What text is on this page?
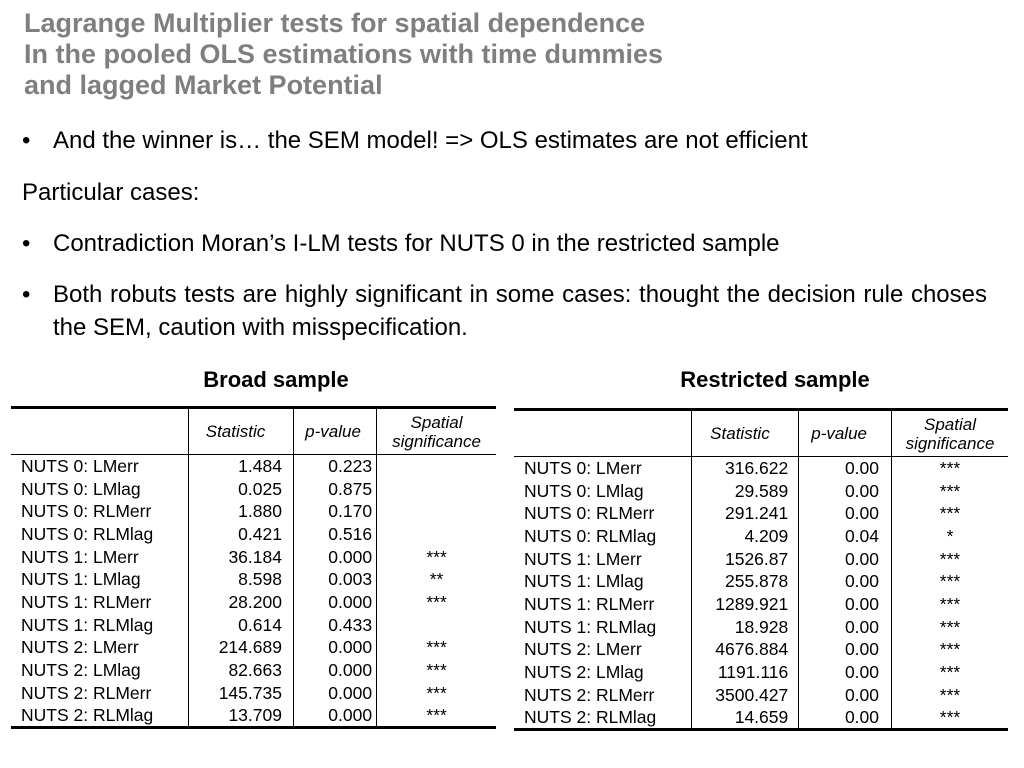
Lagrange Multiplier tests for spatial dependence
In the pooled OLS estimations with time dummies
and lagged Market Potential
• And the winner is… the SEM model! => OLS estimates are not efficient
Particular cases:
• Contradiction Moran’s I-LM tests for NUTS 0 in the restricted sample
• Both robuts tests are highly significant in some cases: thought the decision rule choses the SEM, caution with misspecification.
Broad sample	Restricted sample
	Statistic	p-value	Spatial significance
NUTS 0: LMerr	1.484	0.223	
NUTS 0: LMlag	0.025	0.875	
NUTS 0: RLMerr	1.880	0.170	
NUTS 0: RLMlag	0.421	0.516	
NUTS 1: LMerr	36.184	0.000	***
NUTS 1: LMlag	8.598	0.003	**
NUTS 1: RLMerr	28.200	0.000	***
NUTS 1: RLMlag	0.614	0.433	
NUTS 2: LMerr	214.689	0.000	***
NUTS 2: LMlag	82.663	0.000	***
NUTS 2: RLMerr	145.735	0.000	***
NUTS 2: RLMlag	13.709	0.000	***
	Statistic	p-value	Spatial significance
NUTS 0: LMerr	316.622	0.00	***
NUTS 0: LMlag	29.589	0.00	***
NUTS 0: RLMerr	291.241	0.00	***
NUTS 0: RLMlag	4.209	0.04	*
NUTS 1: LMerr	1526.87	0.00	***
NUTS 1: LMlag	255.878	0.00	***
NUTS 1: RLMerr	1289.921	0.00	***
NUTS 1: RLMlag	18.928	0.00	***
NUTS 2: LMerr	4676.884	0.00	***
NUTS 2: LMlag	1191.116	0.00	***
NUTS 2: RLMerr	3500.427	0.00	***
NUTS 2: RLMlag	14.659	0.00	***
